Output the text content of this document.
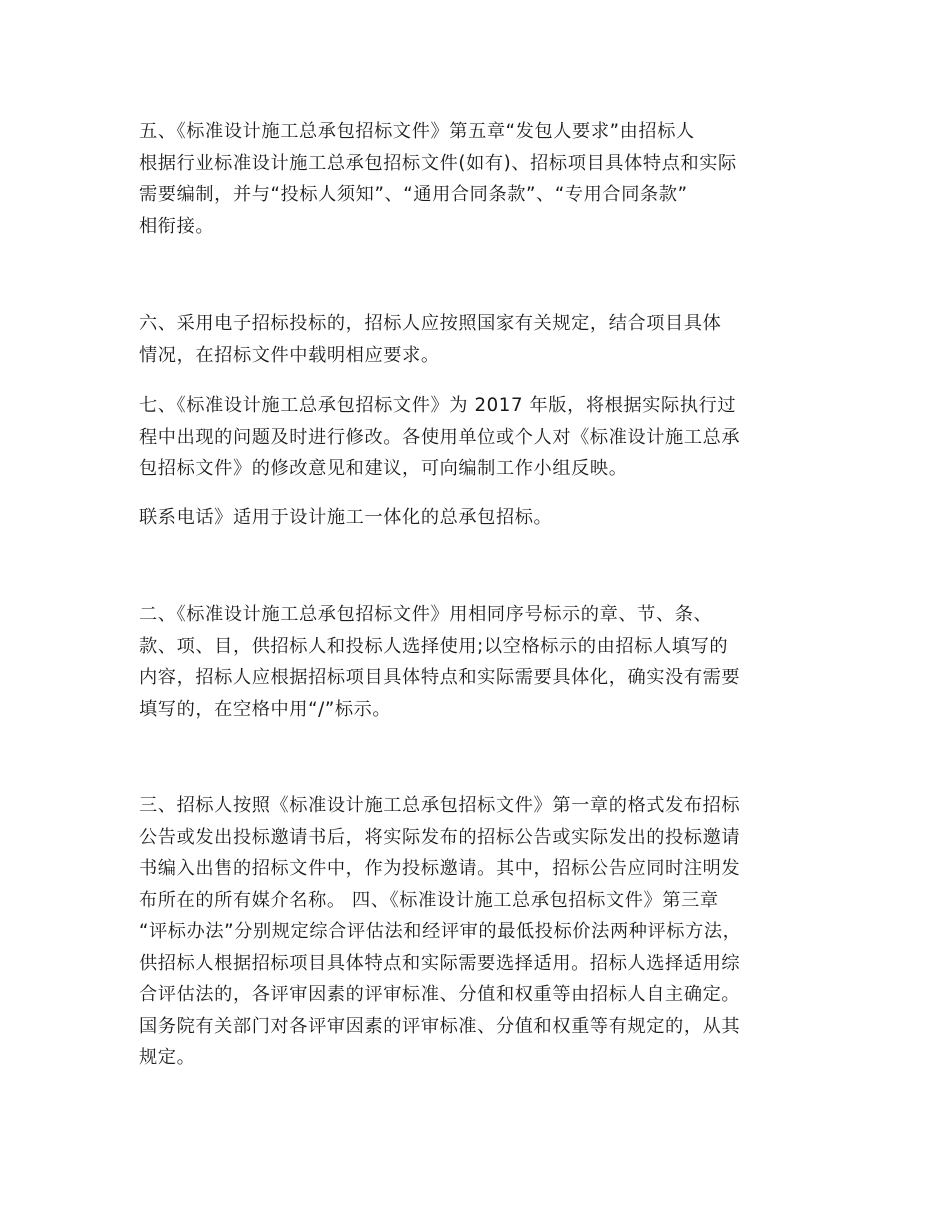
五、《标准设计施工总承包招标文件》第五章“发包人要求”由招标人
根据行业标准设计施工总承包招标文件(如有)、招标项目具体特点和实际
需要编制，并与“投标人须知”、“通用合同条款”、“专用合同条款”
相衔接。

六、采用电子招标投标的，招标人应按照国家有关规定，结合项目具体
情况，在招标文件中载明相应要求。

七、《标准设计施工总承包招标文件》为 2017 年版，将根据实际执行过
程中出现的问题及时进行修改。各使用单位或个人对《标准设计施工总承
包招标文件》的修改意见和建议，可向编制工作小组反映。

联系电话》适用于设计施工一体化的总承包招标。

二、《标准设计施工总承包招标文件》用相同序号标示的章、节、条、
款、项、目，供招标人和投标人选择使用;以空格标示的由招标人填写的
内容，招标人应根据招标项目具体特点和实际需要具体化，确实没有需要
填写的，在空格中用“/”标示。

三、招标人按照《标准设计施工总承包招标文件》第一章的格式发布招标
公告或发出投标邀请书后，将实际发布的招标公告或实际发出的投标邀请
书编入出售的招标文件中，作为投标邀请。其中，招标公告应同时注明发
布所在的所有媒介名称。 四、《标准设计施工总承包招标文件》第三章
“评标办法”分别规定综合评估法和经评审的最低投标价法两种评标方法，
供招标人根据招标项目具体特点和实际需要选择适用。招标人选择适用综
合评估法的，各评审因素的评审标准、分值和权重等由招标人自主确定。
国务院有关部门对各评审因素的评审标准、分值和权重等有规定的，从其
规定。
